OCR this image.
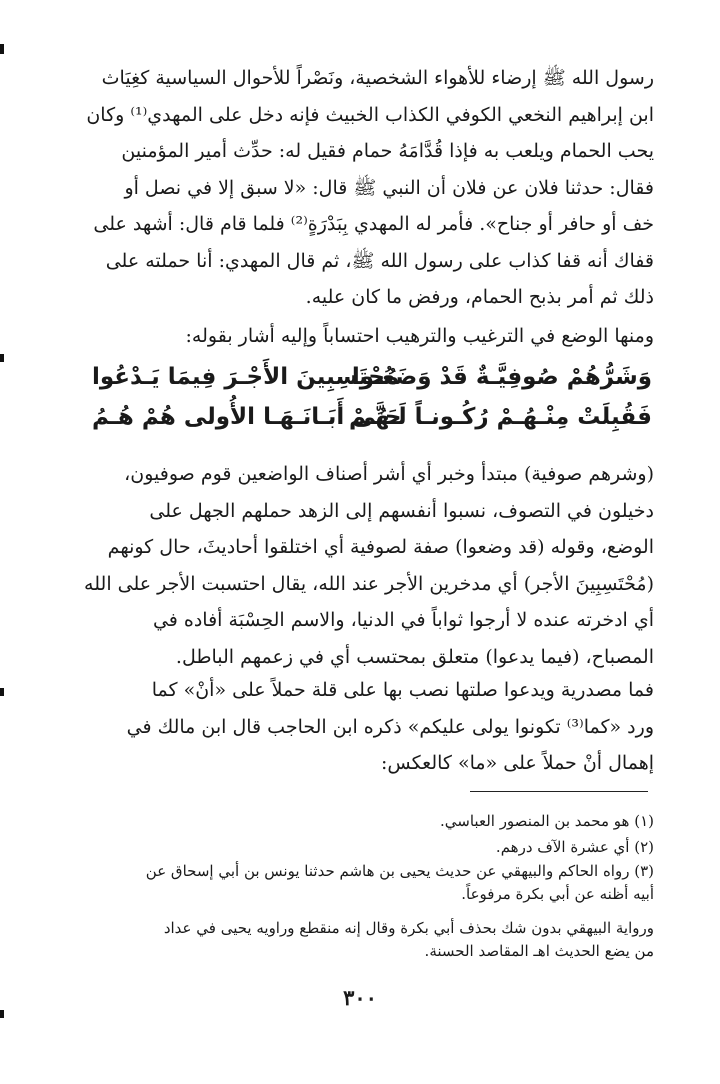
رسول الله ﷺ إرضاء للأهواء الشخصية، ونَصْراً للأحوال السياسية كغِيَاث
ابن إبراهيم النخعي الكوفي الكذاب الخبيث فإنه دخل على المهدي⁽¹⁾ وكان
يحب الحمام ويلعب به فإذا قُدَّامَهُ حمام فقيل له: حدِّث أمير المؤمنين
فقال: حدثنا فلان عن فلان أن النبي ﷺ قال: «لا سبق إلا في نصل أو
خف أو حافر أو جناح». فأمر له المهدي بِبَدْرَةٍ⁽²⁾ فلما قام قال: أشهد على
قفاك أنه قفا كذاب على رسول الله ﷺ، ثم قال المهدي: أنا حملته على
ذلك ثم أمر بذبح الحمام، ورفض ما كان عليه.
ومنها الوضع في الترغيب والترهيب احتساباً وإليه أشار بقوله:
وَشَرُّهُمْ صُوفِيَّـةٌ قَدْ وَضَعُـوا
مُحْتَسِبِينَ الأَجْـرَ فِيمَا يَـدْعُوا
فَقُبِلَتْ مِنْـهُـمْ رُكُـونـاً لَـهُـمْ
حَتَّى أَبَـانَـهَـا الأُولى هُمْ هُـمُ
(وشرهم صوفية) مبتدأ وخبر أي أشر أصناف الواضعين قوم صوفيون،
دخيلون في التصوف، نسبوا أنفسهم إلى الزهد حملهم الجهل على
الوضع، وقوله (قد وضعوا) صفة لصوفية أي اختلقوا أحاديثَ، حال كونهم
(مُحْتَسِبِينَ الأجر) أي مدخرين الأجر عند الله، يقال احتسبت الأجر على الله
أي ادخرته عنده لا أرجوا ثواباً في الدنيا، والاسم الحِسْبَة أفاده في
المصباح، (فيما يدعوا) متعلق بمحتسب أي في زعمهم الباطل.
فما مصدرية ويدعوا صلتها نصب بها على قلة حملاً على «أنْ» كما
ورد «كما⁽³⁾ تكونوا يولى عليكم» ذكره ابن الحاجب قال ابن مالك في
إهمال أنْ حملاً على «ما» كالعكس:
(١) هو محمد بن المنصور العباسي.
(٢) أي عشرة الآف درهم.
(٣) رواه الحاكم والبيهقي عن حديث يحيى بن هاشم حدثنا يونس بن أبي إسحاق عن
أبيه أظنه عن أبي بكرة مرفوعاً.
ورواية البيهقي بدون شك بحذف أبي بكرة وقال إنه منقطع وراويه يحيى في عداد
من يضع الحديث اهـ المقاصد الحسنة.
٣٠٠
